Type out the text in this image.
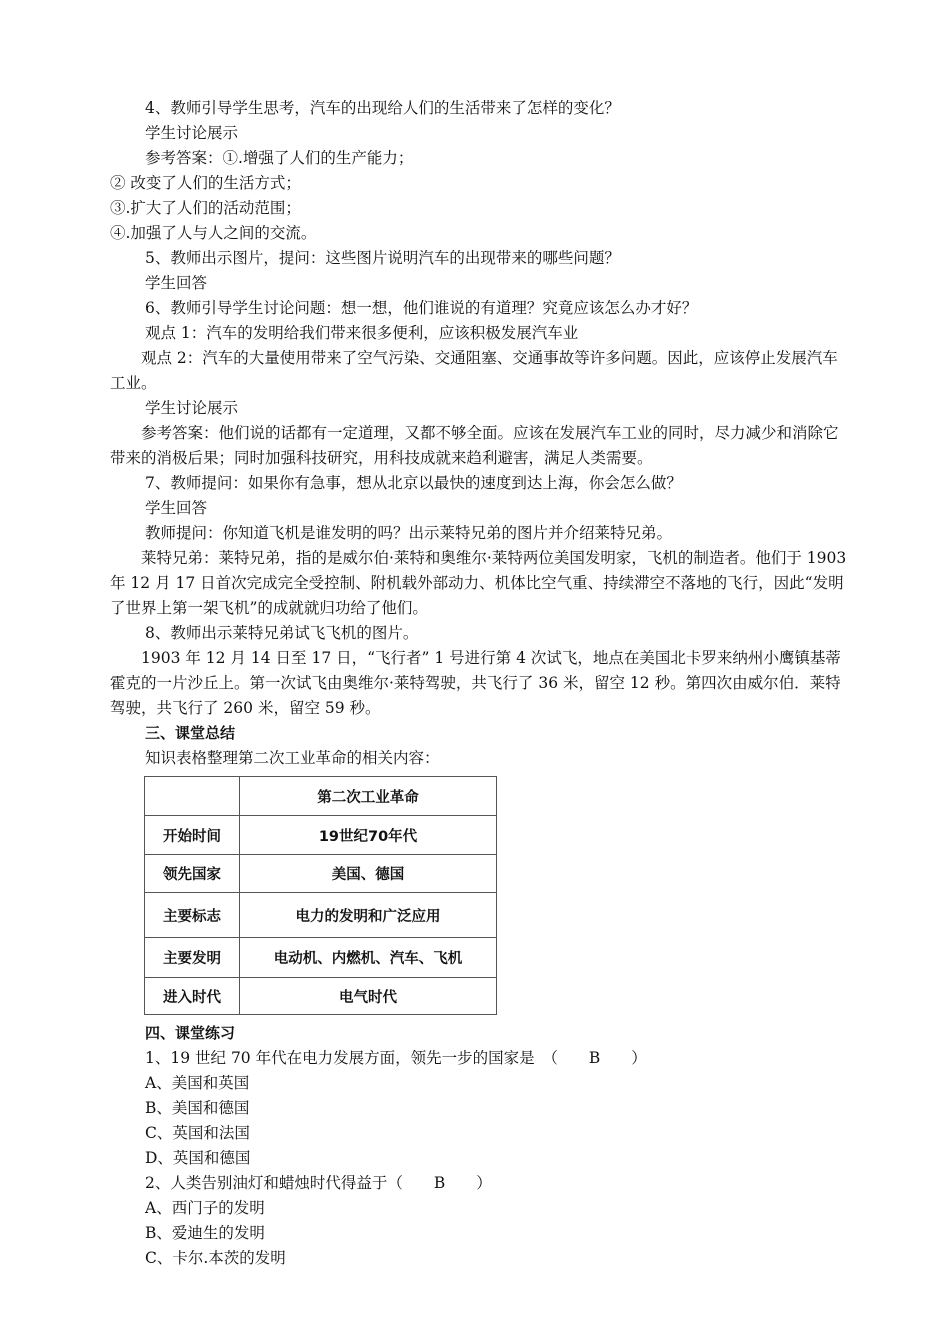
4、教师引导学生思考，汽车的出现给人们的生活带来了怎样的变化？

学生讨论展示

参考答案：①.增强了人们的生产能力；

② 改变了人们的生活方式；

③.扩大了人们的活动范围；

④.加强了人与人之间的交流。

5、教师出示图片，提问：这些图片说明汽车的出现带来的哪些问题？

学生回答

6、教师引导学生讨论问题：想一想，他们谁说的有道理？究竟应该怎么办才好？

观点 1：汽车的发明给我们带来很多便利，应该积极发展汽车业

观点 2：汽车的大量使用带来了空气污染、交通阻塞、交通事故等许多问题。因此，应该停止发展汽车工业。

学生讨论展示

参考答案：他们说的话都有一定道理，又都不够全面。应该在发展汽车工业的同时，尽力减少和消除它带来的消极后果；同时加强科技研究，用科技成就来趋利避害，满足人类需要。

7、教师提问：如果你有急事，想从北京以最快的速度到达上海，你会怎么做？

学生回答

教师提问：你知道飞机是谁发明的吗？出示莱特兄弟的图片并介绍莱特兄弟。

莱特兄弟：莱特兄弟，指的是威尔伯·莱特和奥维尔·莱特两位美国发明家，飞机的制造者。他们于 1903 年 12 月 17 日首次完成完全受控制、附机载外部动力、机体比空气重、持续滞空不落地的飞行，因此“发明了世界上第一架飞机”的成就就归功给了他们。

8、教师出示莱特兄弟试飞飞机的图片。

1903 年 12 月 14 日至 17 日，“飞行者” 1 号进行第 4 次试飞，地点在美国北卡罗来纳州小鹰镇基蒂霍克的一片沙丘上。第一次试飞由奥维尔·莱特驾驶，共飞行了 36 米，留空 12 秒。第四次由威尔伯．莱特驾驶，共飞行了 260 米，留空 59 秒。

三、课堂总结

知识表格整理第二次工业革命的相关内容：

	第二次工业革命
开始时间	19世纪70年代
领先国家	美国、德国
主要标志	电力的发明和广泛应用
主要发明	电动机、内燃机、汽车、飞机
进入时代	电气时代

四、课堂练习

1、19 世纪 70 年代在电力发展方面，领先一步的国家是　（　　B　　）

A、美国和英国

B、美国和德国

C、英国和法国

D、英国和德国

2、人类告别油灯和蜡烛时代得益于（　　B　　）

A、西门子的发明

B、爱迪生的发明

C、卡尔.本茨的发明
